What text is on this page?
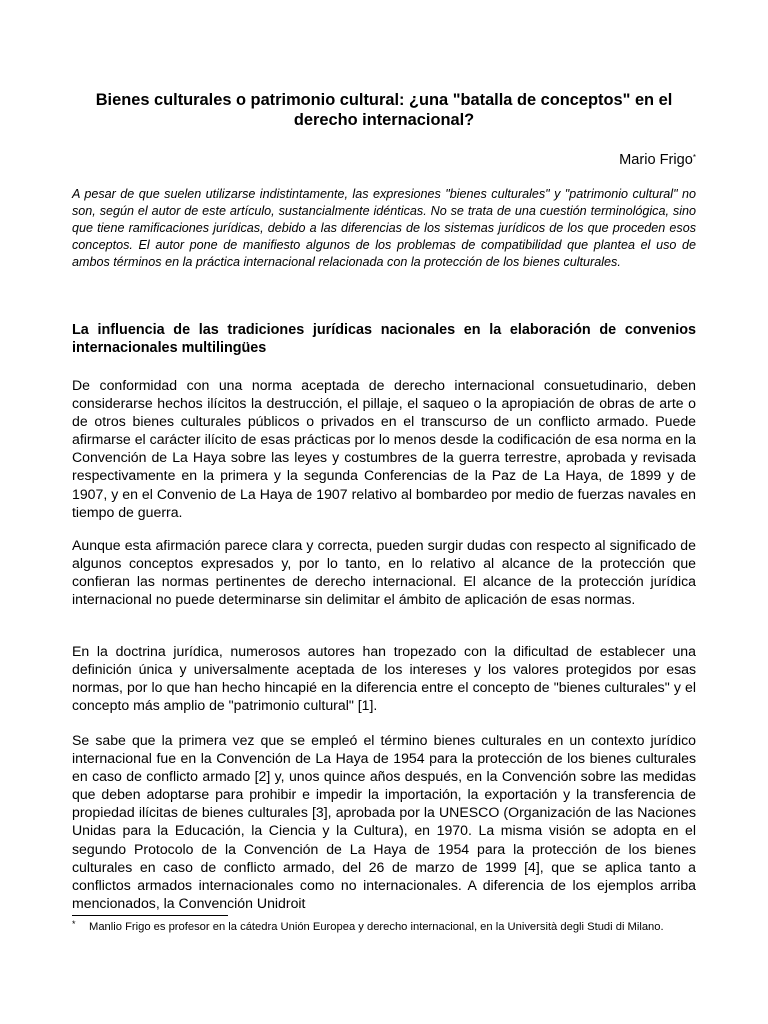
Bienes culturales o patrimonio cultural: ¿una "batalla de conceptos" en el derecho internacional?
Mario Frigo*

A pesar de que suelen utilizarse indistintamente, las expresiones "bienes culturales" y "patrimonio cultural" no son, según el autor de este artículo, sustancialmente idénticas. No se trata de una cuestión terminológica, sino que tiene ramificaciones jurídicas, debido a las diferencias de los sistemas jurídicos de los que proceden esos conceptos. El autor pone de manifiesto algunos de los problemas de compatibilidad que plantea el uso de ambos términos en la práctica internacional relacionada con la protección de los bienes culturales.

La influencia de las tradiciones jurídicas nacionales en la elaboración de convenios internacionales multilingües

De conformidad con una norma aceptada de derecho internacional consuetudinario, deben considerarse hechos ilícitos la destrucción, el pillaje, el saqueo o la apropiación de obras de arte o de otros bienes culturales públicos o privados en el transcurso de un conflicto armado. Puede afirmarse el carácter ilícito de esas prácticas por lo menos desde la codificación de esa norma en la Convención de La Haya sobre las leyes y costumbres de la guerra terrestre, aprobada y revisada respectivamente en la primera y la segunda Conferencias de la Paz de La Haya, de 1899 y de 1907, y en el Convenio de La Haya de 1907 relativo al bombardeo por medio de fuerzas navales en tiempo de guerra.

Aunque esta afirmación parece clara y correcta, pueden surgir dudas con respecto al significado de algunos conceptos expresados y, por lo tanto, en lo relativo al alcance de la protección que confieran las normas pertinentes de derecho internacional. El alcance de la protección jurídica internacional no puede determinarse sin delimitar el ámbito de aplicación de esas normas.

En la doctrina jurídica, numerosos autores han tropezado con la dificultad de establecer una definición única y universalmente aceptada de los intereses y los valores protegidos por esas normas, por lo que han hecho hincapié en la diferencia entre el concepto de "bienes culturales" y el concepto más amplio de "patrimonio cultural" [1].

Se sabe que la primera vez que se empleó el término bienes culturales en un contexto jurídico internacional fue en la Convención de La Haya de 1954 para la protección de los bienes culturales en caso de conflicto armado [2] y, unos quince años después, en la Convención sobre las medidas que deben adoptarse para prohibir e impedir la importación, la exportación y la transferencia de propiedad ilícitas de bienes culturales [3], aprobada por la UNESCO (Organización de las Naciones Unidas para la Educación, la Ciencia y la Cultura), en 1970. La misma visión se adopta en el segundo Protocolo de la Convención de La Haya de 1954 para la protección de los bienes culturales en caso de conflicto armado, del 26 de marzo de 1999 [4], que se aplica tanto a conflictos armados internacionales como no internacionales. A diferencia de los ejemplos arriba mencionados, la Convención Unidroit

* Manlio Frigo es profesor en la cátedra Unión Europea y derecho internacional, en la Università degli Studi di Milano.
